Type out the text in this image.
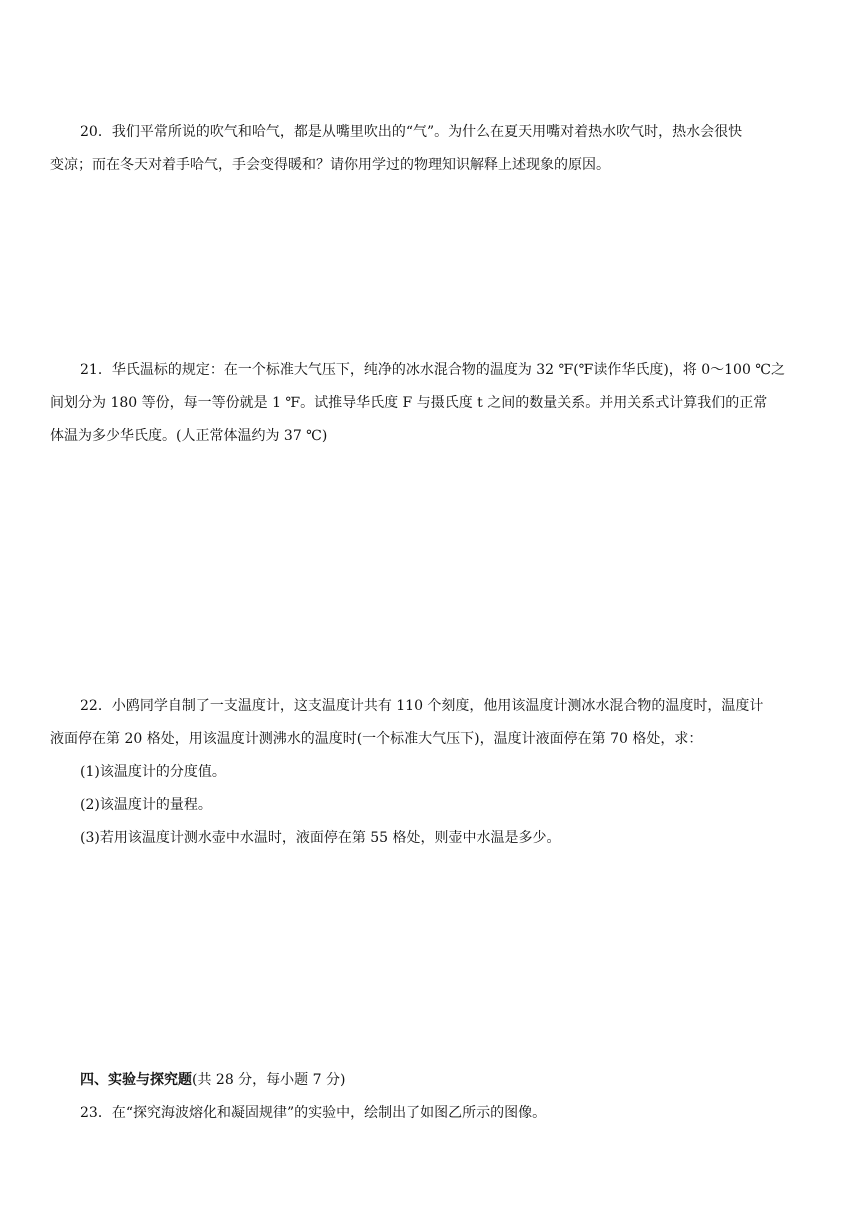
20．我们平常所说的吹气和哈气，都是从嘴里吹出的“气”。为什么在夏天用嘴对着热水吹气时，热水会很快
变凉；而在冬天对着手哈气，手会变得暖和？请你用学过的物理知识解释上述现象的原因。
21．华氏温标的规定：在一个标准大气压下，纯净的冰水混合物的温度为 32 ℉(℉读作华氏度)，将 0～100 ℃之
间划分为 180 等份，每一等份就是 1 ℉。试推导华氏度 F 与摄氏度 t 之间的数量关系。并用关系式计算我们的正常
体温为多少华氏度。(人正常体温约为 37 ℃)
22．小鸥同学自制了一支温度计，这支温度计共有 110 个刻度，他用该温度计测冰水混合物的温度时，温度计
液面停在第 20 格处，用该温度计测沸水的温度时(一个标准大气压下)，温度计液面停在第 70 格处，求：
(1)该温度计的分度值。
(2)该温度计的量程。
(3)若用该温度计测水壶中水温时，液面停在第 55 格处，则壶中水温是多少。
四、实验与探究题(共 28 分，每小题 7 分)
23．在“探究海波熔化和凝固规律”的实验中，绘制出了如图乙所示的图像。
